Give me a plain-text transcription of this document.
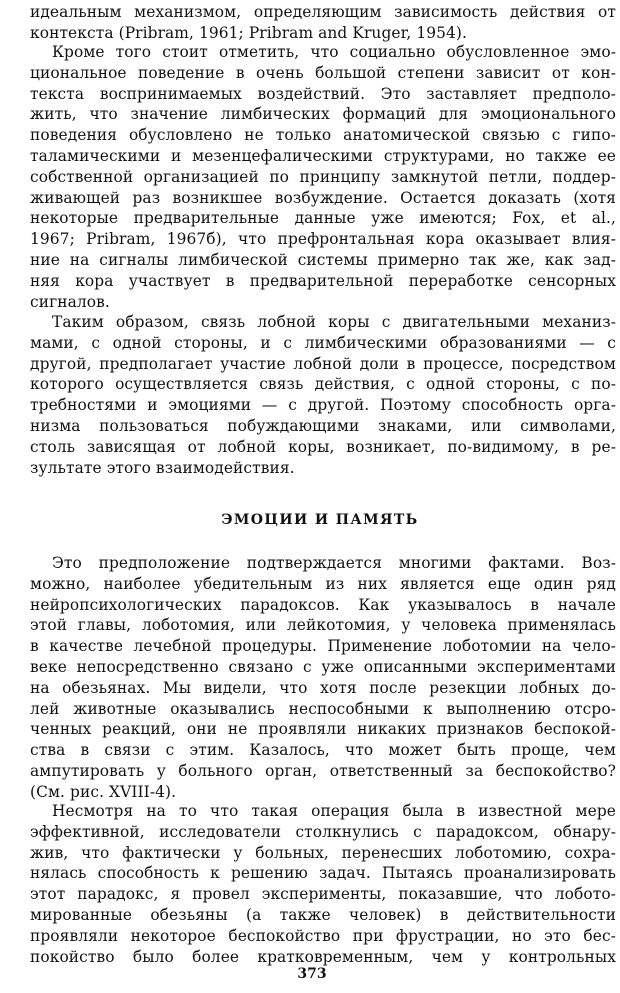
идеальным механизмом, определяющим зависимость действия от
контекста (Pribram, 1961; Pribram and Kruger, 1954).
Кроме того стоит отметить, что социально обусловленное эмо-
циональное поведение в очень большой степени зависит от кон-
текста воспринимаемых воздействий. Это заставляет предполо-
жить, что значение лимбических формаций для эмоционального
поведения обусловлено не только анатомической связью с гипо-
таламическими и мезенцефалическими структурами, но также ее
собственной организацией по принципу замкнутой петли, поддер-
живающей раз возникшее возбуждение. Остается доказать (хотя
некоторые предварительные данные уже имеются; Fox, et al.,
1967; Pribram, 1967б), что префронтальная кора оказывает влия-
ние на сигналы лимбической системы примерно так же, как зад-
няя кора участвует в предварительной переработке сенсорных
сигналов.
Таким образом, связь лобной коры с двигательными механиз-
мами, с одной стороны, и с лимбическими образованиями — с
другой, предполагает участие лобной доли в процессе, посредством
которого осуществляется связь действия, с одной стороны, с по-
требностями и эмоциями — с другой. Поэтому способность орга-
низма пользоваться побуждающими знаками, или символами,
столь зависящая от лобной коры, возникает, по-видимому, в ре-
зультате этого взаимодействия.
ЭМОЦИИ И ПАМЯТЬ
Это предположение подтверждается многими фактами. Воз-
можно, наиболее убедительным из них является еще один ряд
нейропсихологических парадоксов. Как указывалось в начале
этой главы, лоботомия, или лейкотомия, у человека применялась
в качестве лечебной процедуры. Применение лоботомии на чело-
веке непосредственно связано с уже описанными экспериментами
на обезьянах. Мы видели, что хотя после резекции лобных до-
лей животные оказывались неспособными к выполнению отсро-
ченных реакций, они не проявляли никаких признаков беспокой-
ства в связи с этим. Казалось, что может быть проще, чем
ампутировать у больного орган, ответственный за беспокойство?
(См. рис. XVIII-4).
Несмотря на то что такая операция была в известной мере
эффективной, исследователи столкнулись с парадоксом, обнару-
жив, что фактически у больных, перенесших лоботомию, сохра-
нялась способность к решению задач. Пытаясь проанализировать
этот парадокс, я провел эксперименты, показавшие, что лобото-
мированные обезьяны (а также человек) в действительности
проявляли некоторое беспокойство при фрустрации, но это бес-
покойство было более кратковременным, чем у контрольных
373
